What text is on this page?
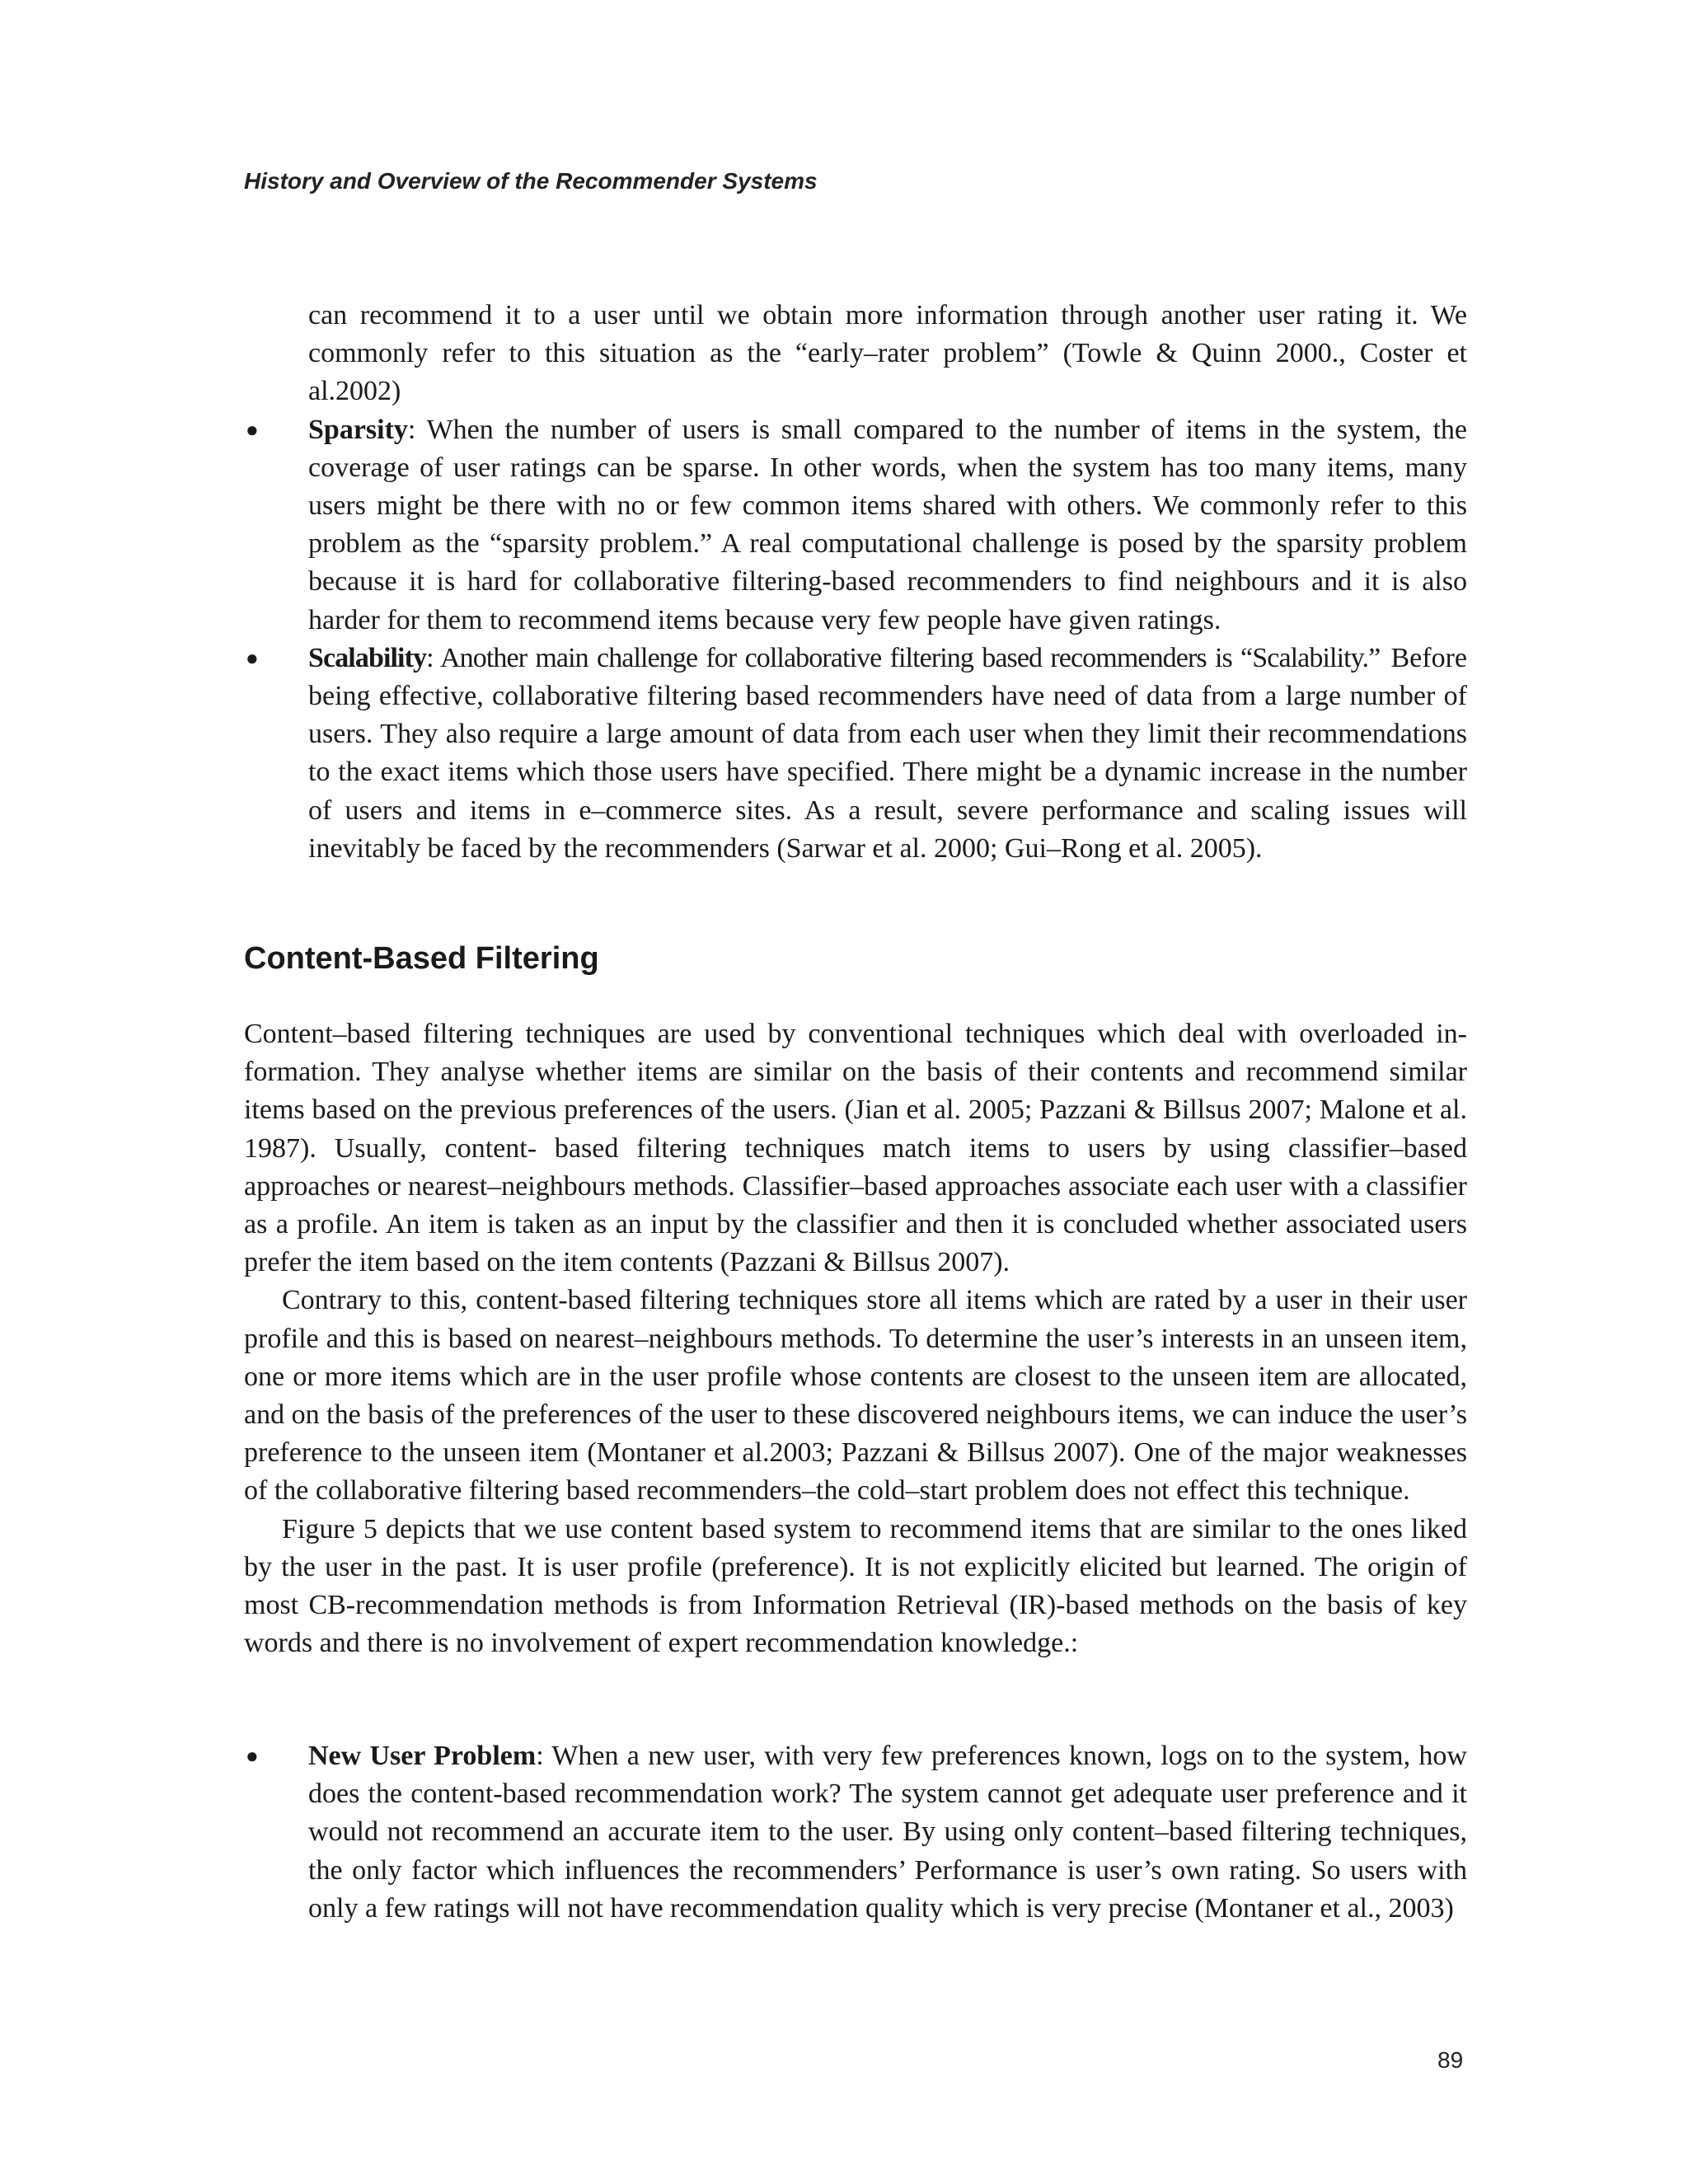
History and Overview of the Recommender Systems

can recommend it to a user until we obtain more information through another user rating it. We commonly refer to this situation as the “early–rater problem” (Towle & Quinn 2000., Coster et al.2002)

● Sparsity: When the number of users is small compared to the number of items in the system, the coverage of user ratings can be sparse. In other words, when the system has too many items, many users might be there with no or few common items shared with others. We commonly refer to this problem as the “sparsity problem.” A real computational challenge is posed by the sparsity problem because it is hard for collaborative filtering-based recommenders to find neighbours and it is also harder for them to recommend items because very few people have given ratings.
● Scalability: Another main challenge for collaborative filtering based recommenders is “Scalability.” Before being effective, collaborative filtering based recommenders have need of data from a large number of users. They also require a large amount of data from each user when they limit their recommendations to the exact items which those users have specified. There might be a dynamic increase in the number of users and items in e–commerce sites. As a result, severe performance and scaling issues will inevitably be faced by the recommenders (Sarwar et al. 2000; Gui–Rong et al. 2005).
Content-Based Filtering

Content–based filtering techniques are used by conventional techniques which deal with overloaded information. They analyse whether items are similar on the basis of their contents and recommend similar items based on the previous preferences of the users. (Jian et al. 2005; Pazzani & Billsus 2007; Malone et al. 1987). Usually, content- based filtering techniques match items to users by using classifier–based approaches or nearest–neighbours methods. Classifier–based approaches associate each user with a classifier as a profile. An item is taken as an input by the classifier and then it is concluded whether associated users prefer the item based on the item contents (Pazzani & Billsus 2007).

Contrary to this, content-based filtering techniques store all items which are rated by a user in their user profile and this is based on nearest–neighbours methods. To determine the user’s interests in an unseen item, one or more items which are in the user profile whose contents are closest to the unseen item are allocated, and on the basis of the preferences of the user to these discovered neighbours items, we can induce the user’s preference to the unseen item (Montaner et al.2003; Pazzani & Billsus 2007). One of the major weaknesses of the collaborative filtering based recommenders–the cold–start problem does not effect this technique.

Figure 5 depicts that we use content based system to recommend items that are similar to the ones liked by the user in the past. It is user profile (preference). It is not explicitly elicited but learned. The origin of most CB-recommendation methods is from Information Retrieval (IR)-based methods on the basis of key words and there is no involvement of expert recommendation knowledge.:

● New User Problem: When a new user, with very few preferences known, logs on to the system, how does the content-based recommendation work? The system cannot get adequate user preference and it would not recommend an accurate item to the user. By using only content–based filtering techniques, the only factor which influences the recommenders’ Performance is user’s own rating. So users with only a few ratings will not have recommendation quality which is very precise (Montaner et al., 2003)
89
